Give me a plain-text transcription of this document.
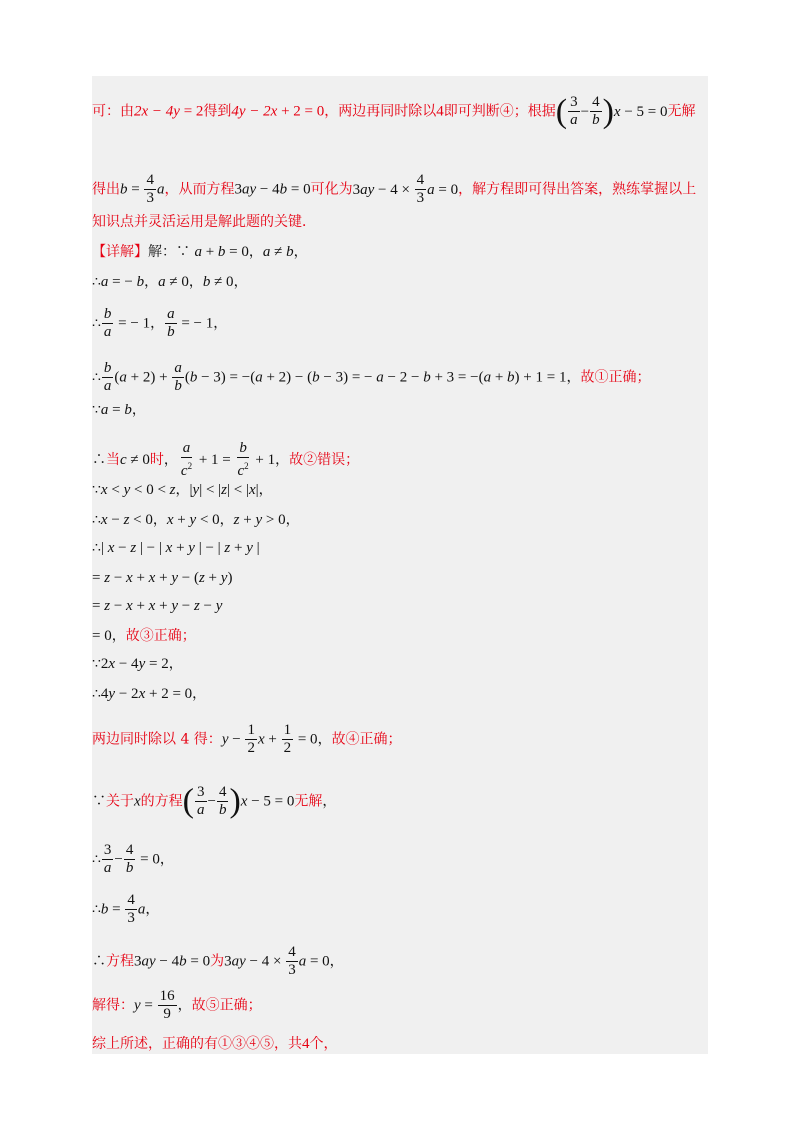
可：由2x − 4y = 2得到4y − 2x + 2 = 0，两边再同时除以4即可判断④；根据( $\frac{3}{a} - \frac{4}{b} )x - 5 = 0$无解
得出$b = \frac{4}{3}$ a，从而方程3ay − 4b = 0可化为$3ay - 4 \times \frac{4}{3}$ a = 0，解方程即可得出答案，熟练掌握以上
知识点并灵活运用是解此题的关键．
【详解】解：∵ a + b = 0，a ≠ b，
∴a = − b，a ≠ 0，b ≠ 0，
∴ $\frac{b}{a}$ = − 1， $\frac{a}{b}$ = − 1，
∴ $\frac{b}{a} (a + 2) + \frac{a}{b} (b - 3) = -(a + 2) - (b - 3)$ = − a − 2 − b + 3 = −(a + b) + 1 = 1，故①正确；
∵a = b，
∴当c ≠ 0时， $\frac{a}{c^2} + 1 = \frac{b}{c^2} + 1$，故②错误；
∵x < y < 0 < z，|y| < |z| < |x|，
∴x − z < 0，x + y < 0，z + y > 0，
∴| x − z | − | x + y | − | z + y |
= z − x + x + y − (z + y)
= z − x + x + y − z − y
= 0，故③正确；
∵2x − 4y = 2，
∴4y − 2x + 2 = 0，
两边同时除以 4 得：$y - \frac{1}{2}$ $x + \frac{1}{2} = 0$，故④正确；
∵关于x的方程( $\frac{3}{a} - \frac{4}{b} )x - 5 = 0$无解，
∴ $\frac{3}{a} - \frac{4}{b} = 0$，
∴b = $\frac{4}{3}$ a，
∴方程3ay − 4b = 0为$3ay - 4 \times \frac{4}{3}$ a = 0，
解得：$y = \frac{16}{9}$ ，故⑤正确；
综上所述，正确的有①③④⑤，共4个，
